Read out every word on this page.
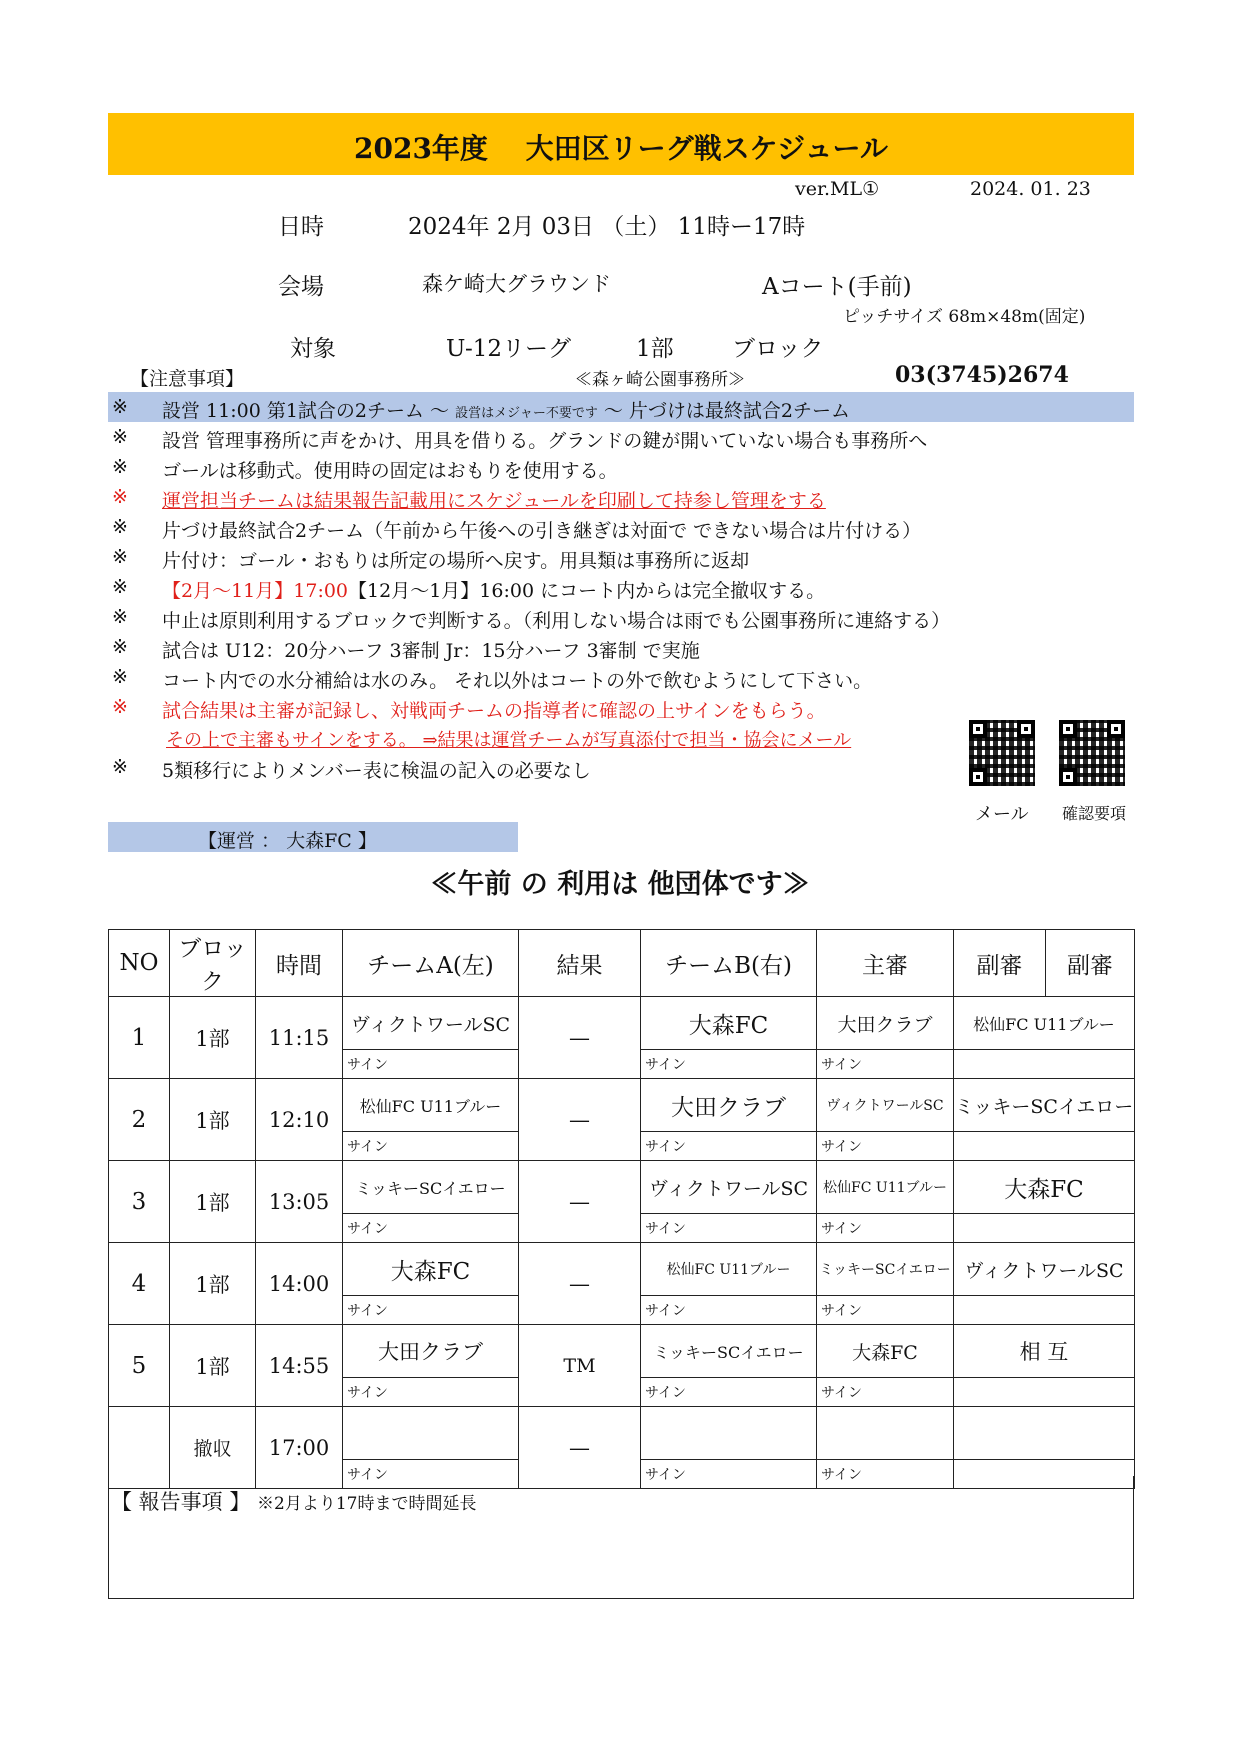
2023年度　 大田区リーグ戦スケジュール
ver.ML①	2024. 01. 23
日時	2024年 2月 03日 （土） 11時ー17時
会場	森ケ崎大グラウンド	Aコート(手前)
ピッチサイズ 68m×48m(固定)
対象	U-12リーグ	1部	ブロック
【注意事項】	≪森ヶ崎公園事務所≫	03(3745)2674
※ 設営 11:00 第1試合の2チーム ～ 設営はメジャー不要です ～ 片づけは最終試合2チーム
※ 設営 管理事務所に声をかけ、用具を借りる。グランドの鍵が開いていない場合も事務所へ
※ ゴールは移動式。使用時の固定はおもりを使用する。
※ 運営担当チームは結果報告記載用にスケジュールを印刷して持参し管理をする
※ 片づけ最終試合2チーム（午前から午後への引き継ぎは対面で できない場合は片付ける）
※ 片付け：ゴール・おもりは所定の場所へ戻す。用具類は事務所に返却
※ 【2月～11月】17:00【12月～1月】16:00 にコート内からは完全撤収する。
※ 中止は原則利用するブロックで判断する。（利用しない場合は雨でも公園事務所に連絡する）
※ 試合は U12：20分ハーフ 3審制 Jr：15分ハーフ 3審制 で実施
※ コート内での水分補給は水のみ。 それ以外はコートの外で飲むようにして下さい。
※ 試合結果は主審が記録し、対戦両チームの指導者に確認の上サインをもらう。
その上で主審もサインをする。 ⇒結果は運営チームが写真添付で担当・協会にメール
※ 5類移行によりメンバー表に検温の記入の必要なし
メール 確認要項
【運営 ： 大森FC 】
≪午前 の 利用は 他団体です≫
NO	ブロック	時間	チームA(左)	結果	チームB(右)	主審	副審	副審
1	1部	11:15	ヴィクトワールSC	—	大森FC	大田クラブ	松仙FC U11ブルー	
			サイン		サイン	サイン		
2	1部	12:10	松仙FC U11ブルー	—	大田クラブ	ヴィクトワールSC	ミッキーSCイエロー	
			サイン		サイン	サイン		
3	1部	13:05	ミッキーSCイエロー	—	ヴィクトワールSC	松仙FC U11ブルー	大森FC	
			サイン		サイン	サイン		
4	1部	14:00	大森FC	—	松仙FC U11ブルー	ミッキーSCイエロー	ヴィクトワールSC	
			サイン		サイン	サイン		
5	1部	14:55	大田クラブ	TM	ミッキーSCイエロー	大森FC	相 互	
			サイン		サイン	サイン		
	撤収	17:00		—				
			サイン		サイン	サイン		
【 報告事項 】 ※2月より17時まで時間延長
